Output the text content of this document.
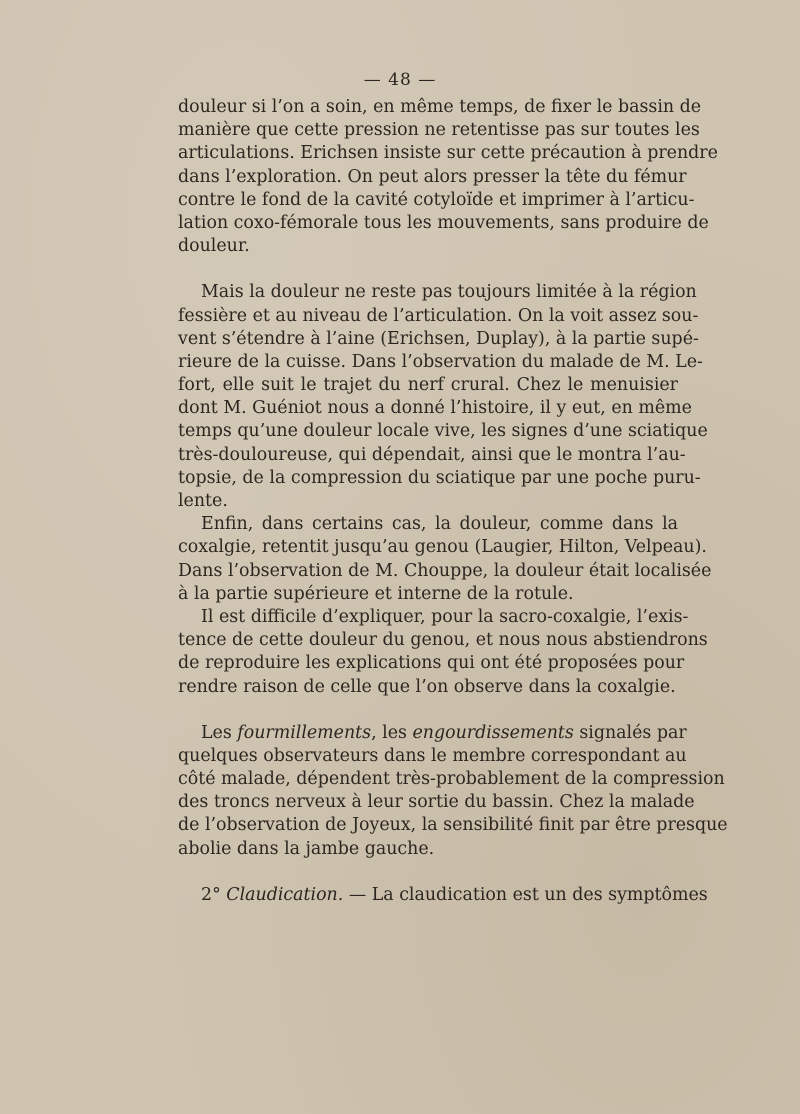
— 48 —
douleur si l’on a soin, en même temps, de fixer le bassin de
manière que cette pression ne retentisse pas sur toutes les
articulations. Erichsen insiste sur cette précaution à prendre
dans l’exploration. On peut alors presser la tête du fémur
contre le fond de la cavité cotyloïde et imprimer à l’articu-
lation coxo-fémorale tous les mouvements, sans produire de
douleur.
Mais la douleur ne reste pas toujours limitée à la région
fessière et au niveau de l’articulation. On la voit assez sou-
vent s’étendre à l’aine (Erichsen, Duplay), à la partie supé-
rieure de la cuisse. Dans l’observation du malade de M. Le-
fort, elle suit le trajet du nerf crural. Chez le menuisier
dont M. Guéniot nous a donné l’histoire, il y eut, en même
temps qu’une douleur locale vive, les signes d’une sciatique
très-douloureuse, qui dépendait, ainsi que le montra l’au-
topsie, de la compression du sciatique par une poche puru-
lente.
Enfin, dans certains cas, la douleur, comme dans la
coxalgie, retentit jusqu’au genou (Laugier, Hilton, Velpeau).
Dans l’observation de M. Chouppe, la douleur était localisée
à la partie supérieure et interne de la rotule.
Il est difficile d’expliquer, pour la sacro-coxalgie, l’exis-
tence de cette douleur du genou, et nous nous abstiendrons
de reproduire les explications qui ont été proposées pour
rendre raison de celle que l’on observe dans la coxalgie.
Les fourmillements, les engourdissements signalés par
quelques observateurs dans le membre correspondant au
côté malade, dépendent très-probablement de la compression
des troncs nerveux à leur sortie du bassin. Chez la malade
de l’observation de Joyeux, la sensibilité finit par être presque
abolie dans la jambe gauche.
2° Claudication. — La claudication est un des symptômes
